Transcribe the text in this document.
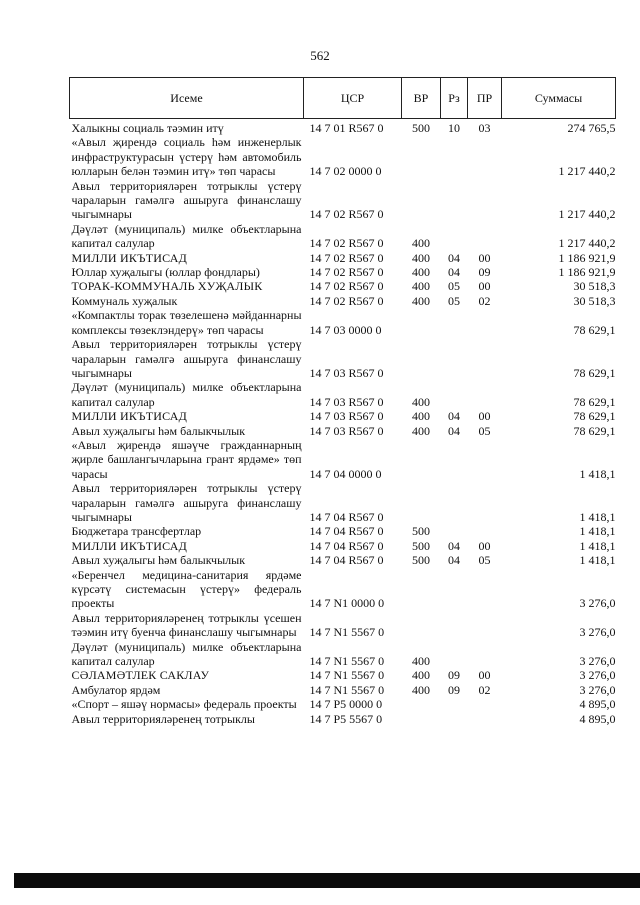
562
Исеме	ЦСР	ВР	Рз	ПР	Суммасы
Халыкны социаль тәэмин итү	14 7 01 R567 0	500	10	03	274 765,5
«Авыл җирендә социаль һәм инженерлык инфраструктурасын үстерү һәм автомобиль юлларын белән тәэмин итү» төп чарасы	14 7 02 0000 0				1 217 440,2
Авыл территорияләрен тотрыклы үстерү чараларын гамәлгә ашыруга финанслашу чыгымнары	14 7 02 R567 0				1 217 440,2
Дәүләт (муниципаль) милке объектларына капитал салулар	14 7 02 R567 0	400			1 217 440,2
МИЛЛИ ИКЪТИСАД	14 7 02 R567 0	400	04	00	1 186 921,9
Юллар хуҗалыгы (юллар фондлары)	14 7 02 R567 0	400	04	09	1 186 921,9
ТОРАК-КОММУНАЛЬ ХУҖАЛЫК	14 7 02 R567 0	400	05	00	30 518,3
Коммуналь хуҗалык	14 7 02 R567 0	400	05	02	30 518,3
«Компактлы торак төзелешенә мәйданнарны комплексы төзеклэндерү» төп чарасы	14 7 03 0000 0				78 629,1
Авыл территорияләрен тотрыклы үстерү чараларын гамәлгә ашыруга финанслашу чыгымнары	14 7 03 R567 0				78 629,1
Дәүләт (муниципаль) милке объектларына капитал салулар	14 7 03 R567 0	400			78 629,1
МИЛЛИ ИКЪТИСАД	14 7 03 R567 0	400	04	00	78 629,1
Авыл хуҗалыгы һәм балыкчылык	14 7 03 R567 0	400	04	05	78 629,1
«Авыл җирендә яшәүче гражданнарның җирле башлангычларына грант ярдәме» төп чарасы	14 7 04 0000 0				1 418,1
Авыл территорияләрен тотрыклы үстерү чараларын гамәлгә ашыруга финанслашу чыгымнары	14 7 04 R567 0				1 418,1
Бюджетара трансфертлар	14 7 04 R567 0	500			1 418,1
МИЛЛИ ИКЪТИСАД	14 7 04 R567 0	500	04	00	1 418,1
Авыл хуҗалыгы һәм балыкчылык	14 7 04 R567 0	500	04	05	1 418,1
«Беренчел медицина-санитария ярдәме күрсәтү системасын үстерү» федераль проекты	14 7 N1 0000 0				3 276,0
Авыл территорияләренең тотрыклы үсешен тәэмин итү буенча финанслашу чыгымнары	14 7 N1 5567 0				3 276,0
Дәүләт (муниципаль) милке объектларына капитал салулар	14 7 N1 5567 0	400			3 276,0
СӘЛАМӘТЛЕК САКЛАУ	14 7 N1 5567 0	400	09	00	3 276,0
Амбулатор ярдәм	14 7 N1 5567 0	400	09	02	3 276,0
«Спорт – яшәү нормасы» федераль проекты	14 7 P5 0000 0				4 895,0
Авыл территорияләренең тотрыклы	14 7 P5 5567 0				4 895,0
